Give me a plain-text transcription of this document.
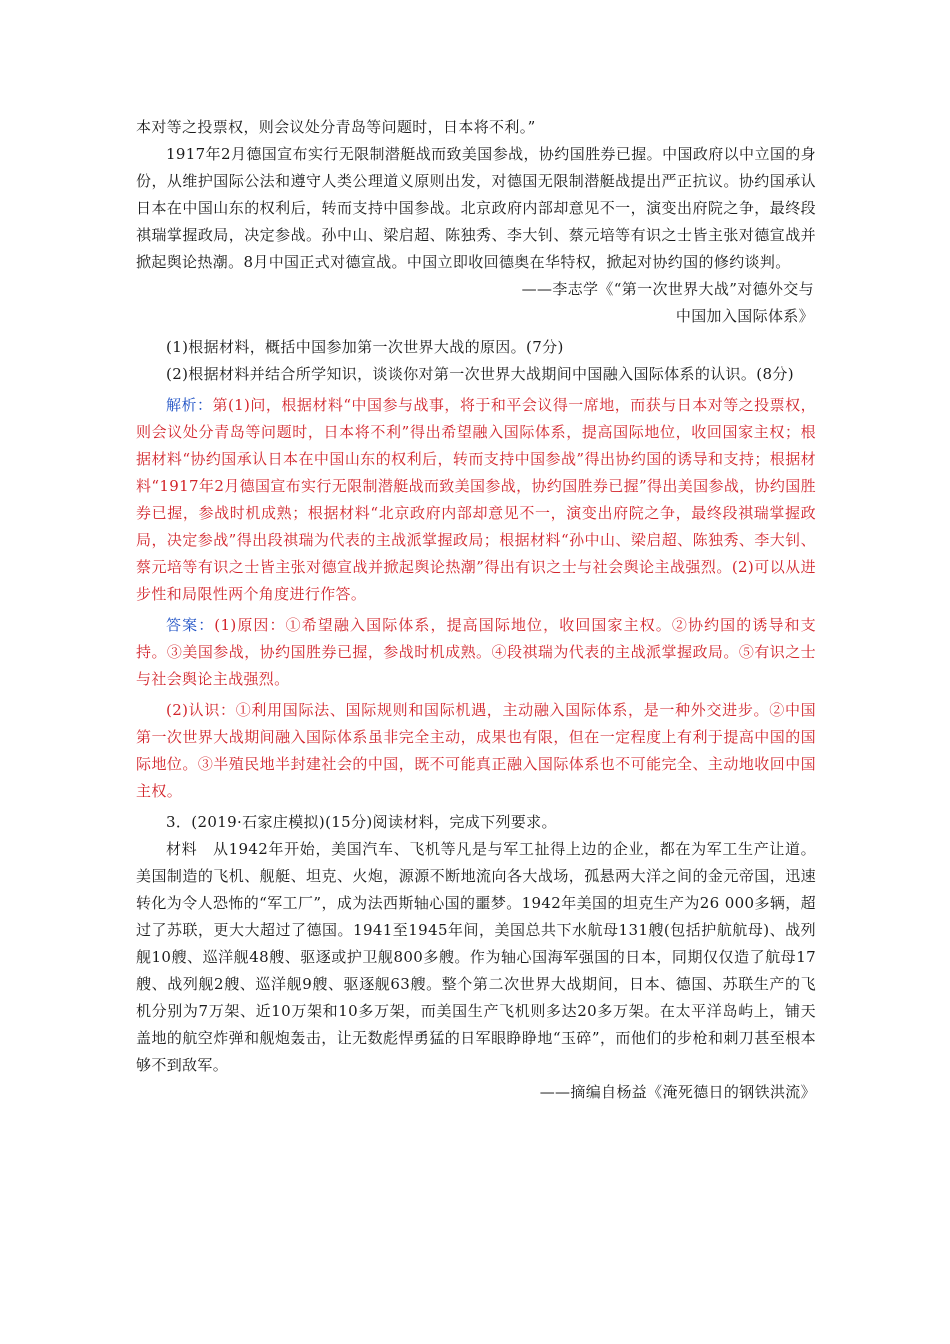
本对等之投票权，则会议处分青岛等问题时，日本将不利。”

1917年2月德国宣布实行无限制潜艇战而致美国参战，协约国胜券已握。中国政府以中立国的身份，从维护国际公法和遵守人类公理道义原则出发，对德国无限制潜艇战提出严正抗议。协约国承认日本在中国山东的权利后，转而支持中国参战。北京政府内部却意见不一，演变出府院之争，最终段祺瑞掌握政局，决定参战。孙中山、梁启超、陈独秀、李大钊、蔡元培等有识之士皆主张对德宣战并掀起舆论热潮。8月中国正式对德宣战。中国立即收回德奥在华特权，掀起对协约国的修约谈判。

——李志学《“第一次世界大战”对德外交与

中国加入国际体系》

(1)根据材料，概括中国参加第一次世界大战的原因。(7分)

(2)根据材料并结合所学知识，谈谈你对第一次世界大战期间中国融入国际体系的认识。(8分)

解析：第(1)问，根据材料“中国参与战事，将于和平会议得一席地，而获与日本对等之投票权，则会议处分青岛等问题时，日本将不利”得出希望融入国际体系，提高国际地位，收回国家主权；根据材料“协约国承认日本在中国山东的权利后，转而支持中国参战”得出协约国的诱导和支持；根据材料“1917年2月德国宣布实行无限制潜艇战而致美国参战，协约国胜券已握”得出美国参战，协约国胜券已握，参战时机成熟；根据材料“北京政府内部却意见不一，演变出府院之争，最终段祺瑞掌握政局，决定参战”得出段祺瑞为代表的主战派掌握政局；根据材料“孙中山、梁启超、陈独秀、李大钊、蔡元培等有识之士皆主张对德宣战并掀起舆论热潮”得出有识之士与社会舆论主战强烈。(2)可以从进步性和局限性两个角度进行作答。

答案：(1)原因：①希望融入国际体系，提高国际地位，收回国家主权。②协约国的诱导和支持。③美国参战，协约国胜券已握，参战时机成熟。④段祺瑞为代表的主战派掌握政局。⑤有识之士与社会舆论主战强烈。

(2)认识：①利用国际法、国际规则和国际机遇，主动融入国际体系，是一种外交进步。②中国第一次世界大战期间融入国际体系虽非完全主动，成果也有限，但在一定程度上有利于提高中国的国际地位。③半殖民地半封建社会的中国，既不可能真正融入国际体系也不可能完全、主动地收回中国主权。

3．(2019·石家庄模拟)(15分)阅读材料，完成下列要求。

材料　从1942年开始，美国汽车、飞机等凡是与军工扯得上边的企业，都在为军工生产让道。美国制造的飞机、舰艇、坦克、火炮，源源不断地流向各大战场，孤悬两大洋之间的金元帝国，迅速转化为令人恐怖的“军工厂”，成为法西斯轴心国的噩梦。1942年美国的坦克生产为26 000多辆，超过了苏联，更大大超过了德国。1941至1945年间，美国总共下水航母131艘(包括护航航母)、战列舰10艘、巡洋舰48艘、驱逐或护卫舰800多艘。作为轴心国海军强国的日本，同期仅仅造了航母17艘、战列舰2艘、巡洋舰9艘、驱逐舰63艘。整个第二次世界大战期间，日本、德国、苏联生产的飞机分别为7万架、近10万架和10多万架，而美国生产飞机则多达20多万架。在太平洋岛屿上，铺天盖地的航空炸弹和舰炮轰击，让无数彪悍勇猛的日军眼睁睁地“玉碎”，而他们的步枪和刺刀甚至根本够不到敌军。

——摘编自杨益《淹死德日的钢铁洪流》
